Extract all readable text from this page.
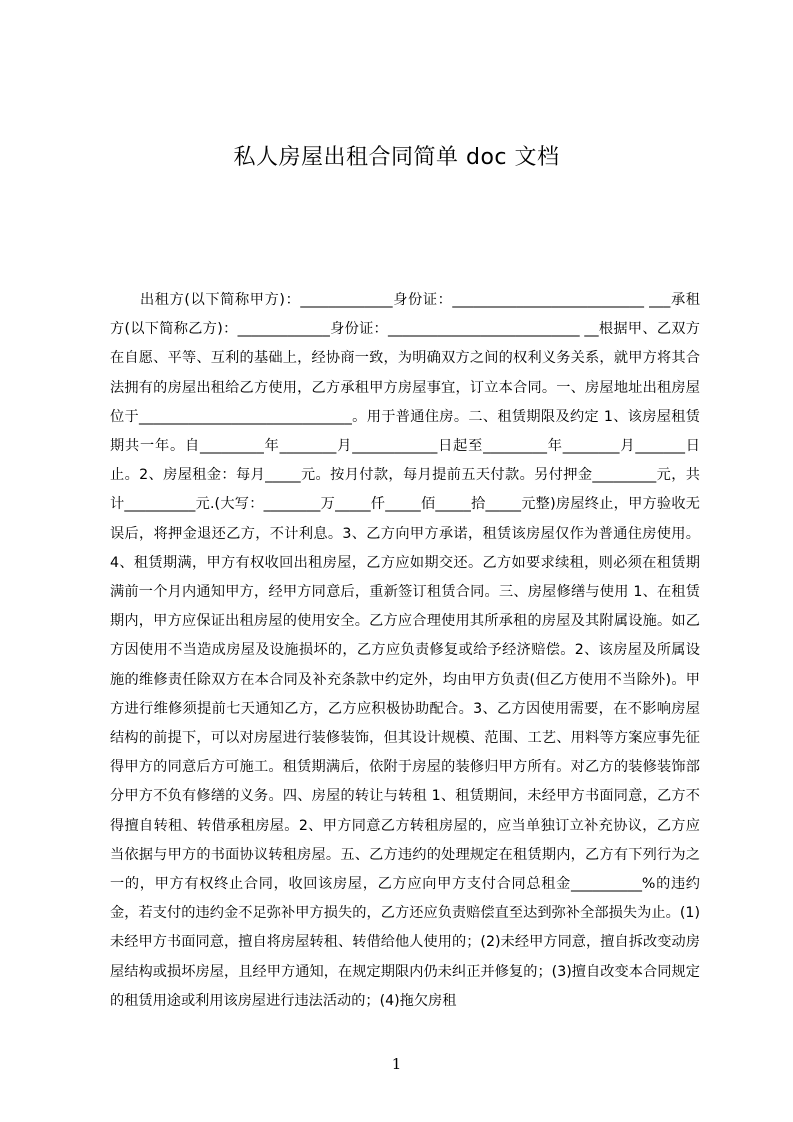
私人房屋出租合同简单 doc 文档

出租方(以下简称甲方)：_____________身份证：___________________________ ___承租方(以下简称乙方)：_____________身份证：___________________________ __根据甲、乙双方在自愿、平等、互利的基础上，经协商一致，为明确双方之间的权利义务关系，就甲方将其合法拥有的房屋出租给乙方使用，乙方承租甲方房屋事宜，订立本合同。一、房屋地址出租房屋位于______________________________。用于普通住房。二、租赁期限及约定 1、该房屋租赁期共一年。自_________年________月____________日起至_________年________月_______日止。2、房屋租金：每月_____元。按月付款，每月提前五天付款。另付押金_________元，共计__________元.(大写：________万_____仟_____佰_____拾_____元整)房屋终止，甲方验收无误后，将押金退还乙方，不计利息。3、乙方向甲方承诺，租赁该房屋仅作为普通住房使用。4、租赁期满，甲方有权收回出租房屋，乙方应如期交还。乙方如要求续租，则必须在租赁期满前一个月内通知甲方，经甲方同意后，重新签订租赁合同。三、房屋修缮与使用 1、在租赁期内，甲方应保证出租房屋的使用安全。乙方应合理使用其所承租的房屋及其附属设施。如乙方因使用不当造成房屋及设施损坏的，乙方应负责修复或给予经济赔偿。2、该房屋及所属设施的维修责任除双方在本合同及补充条款中约定外，均由甲方负责(但乙方使用不当除外)。甲方进行维修须提前七天通知乙方，乙方应积极协助配合。3、乙方因使用需要，在不影响房屋结构的前提下，可以对房屋进行装修装饰，但其设计规模、范围、工艺、用料等方案应事先征得甲方的同意后方可施工。租赁期满后，依附于房屋的装修归甲方所有。对乙方的装修装饰部分甲方不负有修缮的义务。四、房屋的转让与转租 1、租赁期间，未经甲方书面同意，乙方不得擅自转租、转借承租房屋。2、甲方同意乙方转租房屋的，应当单独订立补充协议，乙方应当依据与甲方的书面协议转租房屋。五、乙方违约的处理规定在租赁期内，乙方有下列行为之一的，甲方有权终止合同，收回该房屋，乙方应向甲方支付合同总租金__________%的违约金，若支付的违约金不足弥补甲方损失的，乙方还应负责赔偿直至达到弥补全部损失为止。(1)未经甲方书面同意，擅自将房屋转租、转借给他人使用的；(2)未经甲方同意，擅自拆改变动房屋结构或损坏房屋，且经甲方通知，在规定期限内仍未纠正并修复的；(3)擅自改变本合同规定的租赁用途或利用该房屋进行违法活动的；(4)拖欠房租

1
